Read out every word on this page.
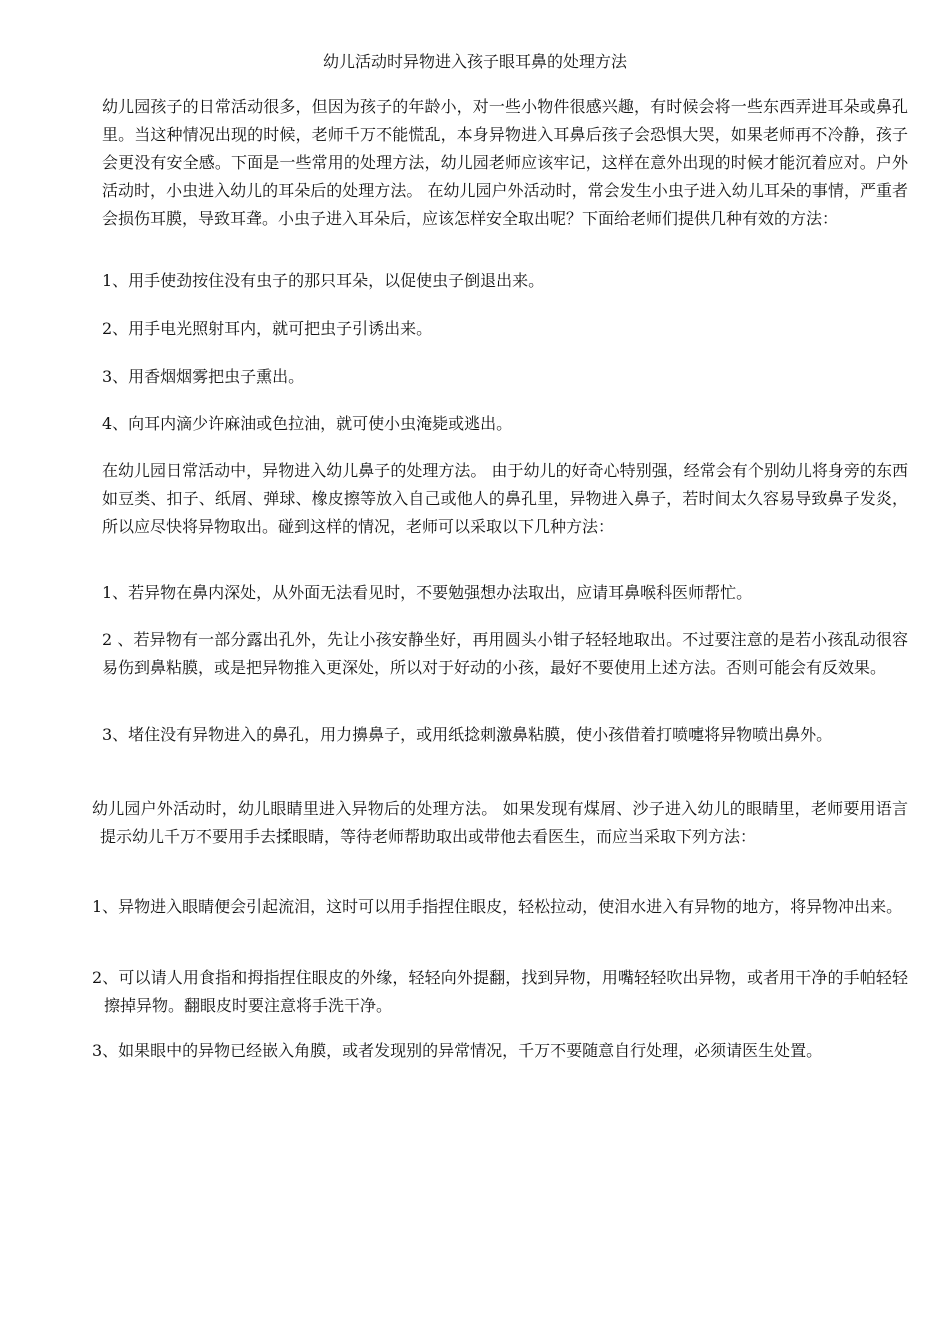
幼儿活动时异物进入孩子眼耳鼻的处理方法

幼儿园孩子的日常活动很多，但因为孩子的年龄小，对一些小物件很感兴趣，有时候会将一些东西弄进耳朵或鼻孔里。当这种情况出现的时候，老师千万不能慌乱，本身异物进入耳鼻后孩子会恐惧大哭，如果老师再不冷静，孩子会更没有安全感。下面是一些常用的处理方法，幼儿园老师应该牢记，这样在意外出现的时候才能沉着应对。户外活动时，小虫进入幼儿的耳朵后的处理方法。 在幼儿园户外活动时，常会发生小虫子进入幼儿耳朵的事情，严重者会损伤耳膜，导致耳聋。小虫子进入耳朵后，应该怎样安全取出呢？下面给老师们提供几种有效的方法：

1、用手使劲按住没有虫子的那只耳朵，以促使虫子倒退出来。

2、用手电光照射耳内，就可把虫子引诱出来。

3、用香烟烟雾把虫子熏出。

4、向耳内滴少许麻油或色拉油，就可使小虫淹毙或逃出。

在幼儿园日常活动中，异物进入幼儿鼻子的处理方法。 由于幼儿的好奇心特别强，经常会有个别幼儿将身旁的东西如豆类、扣子、纸屑、弹球、橡皮擦等放入自己或他人的鼻孔里，异物进入鼻子，若时间太久容易导致鼻子发炎，所以应尽快将异物取出。碰到这样的情况，老师可以采取以下几种方法：

1、若异物在鼻内深处，从外面无法看见时，不要勉强想办法取出，应请耳鼻喉科医师帮忙。

2 、若异物有一部分露出孔外，先让小孩安静坐好，再用圆头小钳子轻轻地取出。不过要注意的是若小孩乱动很容易伤到鼻粘膜，或是把异物推入更深处，所以对于好动的小孩，最好不要使用上述方法。否则可能会有反效果。

3、堵住没有异物进入的鼻孔，用力擤鼻子，或用纸捻刺激鼻粘膜，使小孩借着打喷嚏将异物喷出鼻外。

幼儿园户外活动时，幼儿眼睛里进入异物后的处理方法。 如果发现有煤屑、沙子进入幼儿的眼睛里，老师要用语言提示幼儿千万不要用手去揉眼睛，等待老师帮助取出或带他去看医生，而应当采取下列方法：

1、异物进入眼睛便会引起流泪，这时可以用手指捏住眼皮，轻松拉动，使泪水进入有异物的地方，将异物冲出来。

2、可以请人用食指和拇指捏住眼皮的外缘，轻轻向外提翻，找到异物，用嘴轻轻吹出异物，或者用干净的手帕轻轻擦掉异物。翻眼皮时要注意将手洗干净。

3、如果眼中的异物已经嵌入角膜，或者发现别的异常情况，千万不要随意自行处理，必须请医生处置。
